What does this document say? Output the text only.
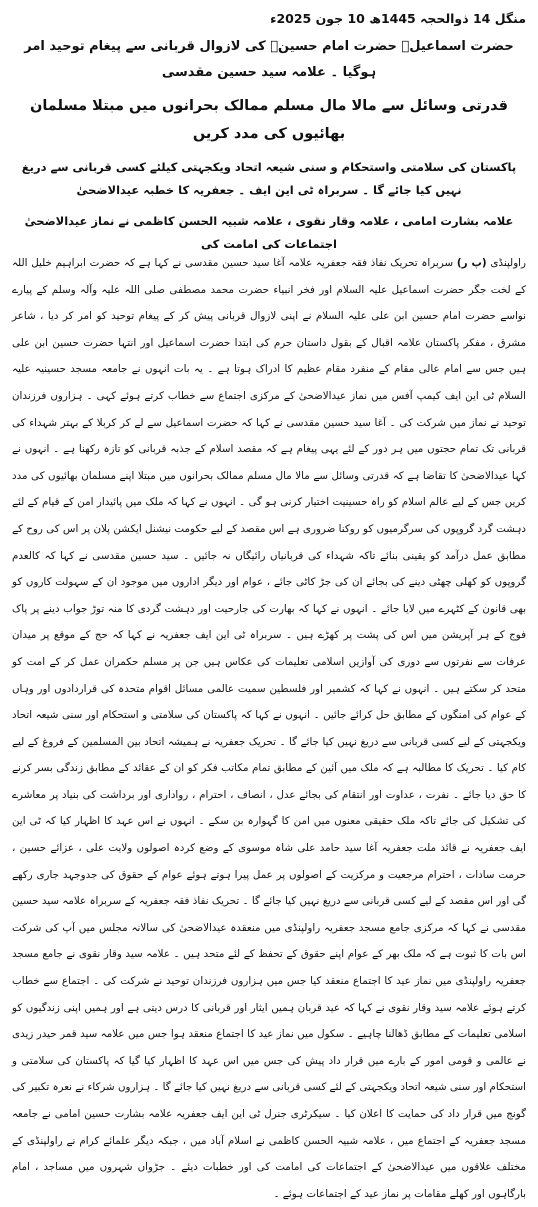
منگل 14 ذوالحجہ 1445ھ 10 جون 2025ء
حضرت اسماعیلؑ حضرت امام حسینؑ کی لازوال قربانی سے پیغام توحید امر ہوگیا ۔ علامہ سید حسین مقدسی
قدرتی وسائل سے مالا مال مسلم ممالک بحرانوں میں مبتلا مسلمان بھائیوں کی مدد کریں
پاکستان کی سلامتی واستحکام و سنی شیعہ اتحاد ویکجہتی کیلئے کسی قربانی سے دریغ نہیں کیا جائے گا ۔ سربراہ ٹی این ایف ۔ جعفریہ کا خطبہ عیدالاضحیٰ
علامہ بشارت امامی ، علامہ وقار نقوی ، علامہ شبیہ الحسن کاظمی نے نماز عیدالاضحیٰ اجتماعات کی امامت کی

راولپنڈی (پ ر) سربراہ تحریک نفاذ فقہ جعفریہ علامہ آغا سید حسین مقدسی نے کہا ہے کہ حضرت ابراہیم خلیل اللہ کے لخت جگر حضرت اسماعیل علیہ السلام اور فخر انبیاء حضرت محمد مصطفی صلی اللہ علیہ وآلہ وسلم کے پیارے نواسے حضرت امام حسین ابن علی علیہ السلام نے اپنی لازوال قربانی پیش کر کے پیغام توحید کو امر کر دیا ، شاعر مشرق ، مفکر پاکستان علامہ اقبال کے بقول داستان حرم کی ابتدا حضرت اسماعیل اور انتہا حضرت حسین ابن علی ہیں جس سے امام عالی مقام کے منفرد مقام عظیم کا ادراک ہوتا ہے ۔ یہ بات انہوں نے جامعہ مسجد حسینیہ علیہ السلام ٹی این ایف کیمپ آفس میں نماز عیدالاضحیٰ کے مرکزی اجتماع سے خطاب کرتے ہوئے کہی ۔ ہزاروں فرزندان توحید نے نماز میں شرکت کی ۔ آغا سید حسین مقدسی نے کہا کہ حضرت اسماعیل سے لے کر کربلا کے بہتر شہداء کی قربانی تک تمام حجتوں میں ہر دور کے لئے یہی پیغام ہے کہ مقصد اسلام کے جذبہ قربانی کو تازہ رکھنا ہے ۔ انہوں نے کہا عیدالاضحیٰ کا تقاضا ہے کہ قدرتی وسائل سے مالا مال مسلم ممالک بحرانوں میں مبتلا اپنے مسلمان بھائیوں کی مدد کریں جس کے لیے عالم اسلام کو راہ حسینیت اختیار کرنی ہو گی ۔ انہوں نے کہا کہ ملک میں پائیدار امن کے قیام کے لئے دہشت گرد گروپوں کی سرگرمیوں کو روکنا ضروری ہے اس مقصد کے لیے حکومت نیشنل ایکشن پلان پر اس کی روح کے مطابق عمل درآمد کو یقینی بنائے تاکہ شہداء کی قربانیاں رائیگاں نہ جائیں ۔ سید حسین مقدسی نے کہا کہ کالعدم گروپوں کو کھلی چھٹی دینے کی بجائے ان کی جڑ کاٹی جائے ، عوام اور دیگر اداروں میں موجود ان کے سہولت کاروں کو بھی قانون کے کٹہرے میں لایا جائے ۔ انہوں نے کہا کہ بھارت کی جارحیت اور دہشت گردی کا منہ توڑ جواب دینے پر پاک فوج کے ہر آپریشن میں اس کی پشت پر کھڑے ہیں ۔ سربراہ ٹی این ایف جعفریہ نے کہا کہ حج کے موقع پر میدان عرفات سے نفرتوں سے دوری کی آوازیں اسلامی تعلیمات کی عکاس ہیں جن پر مسلم حکمران عمل کر کے امت کو متحد کر سکتے ہیں ۔ انہوں نے کہا کہ کشمیر اور فلسطین سمیت عالمی مسائل اقوام متحدہ کی قراردادوں اور وہاں کے عوام کی امنگوں کے مطابق حل کرائے جائیں ۔ انہوں نے کہا کہ پاکستان کی سلامتی و استحکام اور سنی شیعہ اتحاد ویکجہتی کے لیے کسی قربانی سے دریغ نہیں کیا جائے گا ۔ تحریک جعفریہ نے ہمیشہ اتحاد بین المسلمین کے فروغ کے لیے کام کیا ۔ تحریک کا مطالبہ ہے کہ ملک میں آئین کے مطابق تمام مکاتب فکر کو ان کے عقائد کے مطابق زندگی بسر کرنے کا حق دیا جائے ۔ نفرت ، عداوت اور انتقام کی بجائے عدل ، انصاف ، احترام ، رواداری اور برداشت کی بنیاد پر معاشرے کی تشکیل کی جائے تاکہ ملک حقیقی معنوں میں امن کا گہوارہ بن سکے ۔ انہوں نے اس عہد کا اظہار کیا کہ ٹی این ایف جعفریہ نے قائد ملت جعفریہ آغا سید حامد علی شاہ موسوی کے وضع کردہ اصولوں ولایت علی ، عزائے حسین ، حرمت سادات ، احترام مرجعیت و مرکزیت کے اصولوں پر عمل پیرا ہوتے ہوئے عوام کے حقوق کی جدوجہد جاری رکھے گی اور اس مقصد کے لیے کسی قربانی سے دریغ نہیں کیا جائے گا ۔ تحریک نفاذ فقہ جعفریہ کے سربراہ علامہ سید حسین مقدسی نے کہا کہ مرکزی جامع مسجد جعفریہ راولپنڈی میں منعقدہ عیدالاضحیٰ کی سالانہ مجلس میں آپ کی شرکت اس بات کا ثبوت ہے کہ ملک بھر کے عوام اپنے حقوق کے تحفظ کے لئے متحد ہیں ۔ علامہ سید وقار نقوی نے جامع مسجد جعفریہ راولپنڈی میں نماز عید کا اجتماع منعقد کیا جس میں ہزاروں فرزندان توحید نے شرکت کی ۔ اجتماع سے خطاب کرتے ہوئے علامہ سید وقار نقوی نے کہا کہ عید قربان ہمیں ایثار اور قربانی کا درس دیتی ہے اور ہمیں اپنی زندگیوں کو اسلامی تعلیمات کے مطابق ڈھالنا چاہیے ۔ سکول میں نماز عید کا اجتماع منعقد ہوا جس میں علامہ سید قمر حیدر زیدی نے عالمی و قومی امور کے بارے میں قرار داد پیش کی جس میں اس عہد کا اظہار کیا گیا کہ پاکستان کی سلامتی و استحکام اور سنی شیعہ اتحاد ویکجہتی کے لئے کسی قربانی سے دریغ نہیں کیا جائے گا ۔ ہزاروں شرکاء نے نعرہ تکبیر کی گونج میں قرار داد کی حمایت کا اعلان کیا ۔ سیکرٹری جنرل ٹی این ایف جعفریہ علامہ بشارت حسین امامی نے جامعہ مسجد جعفریہ کے اجتماع میں ، علامہ شبیہ الحسن کاظمی نے اسلام آباد میں ، جبکہ دیگر علمائے کرام نے راولپنڈی کے مختلف علاقوں میں عیدالاضحیٰ کے اجتماعات کی امامت کی اور خطبات دیئے ۔ جڑواں شہروں میں مساجد ، امام بارگاہوں اور کھلے مقامات پر نماز عید کے اجتماعات ہوئے ۔
